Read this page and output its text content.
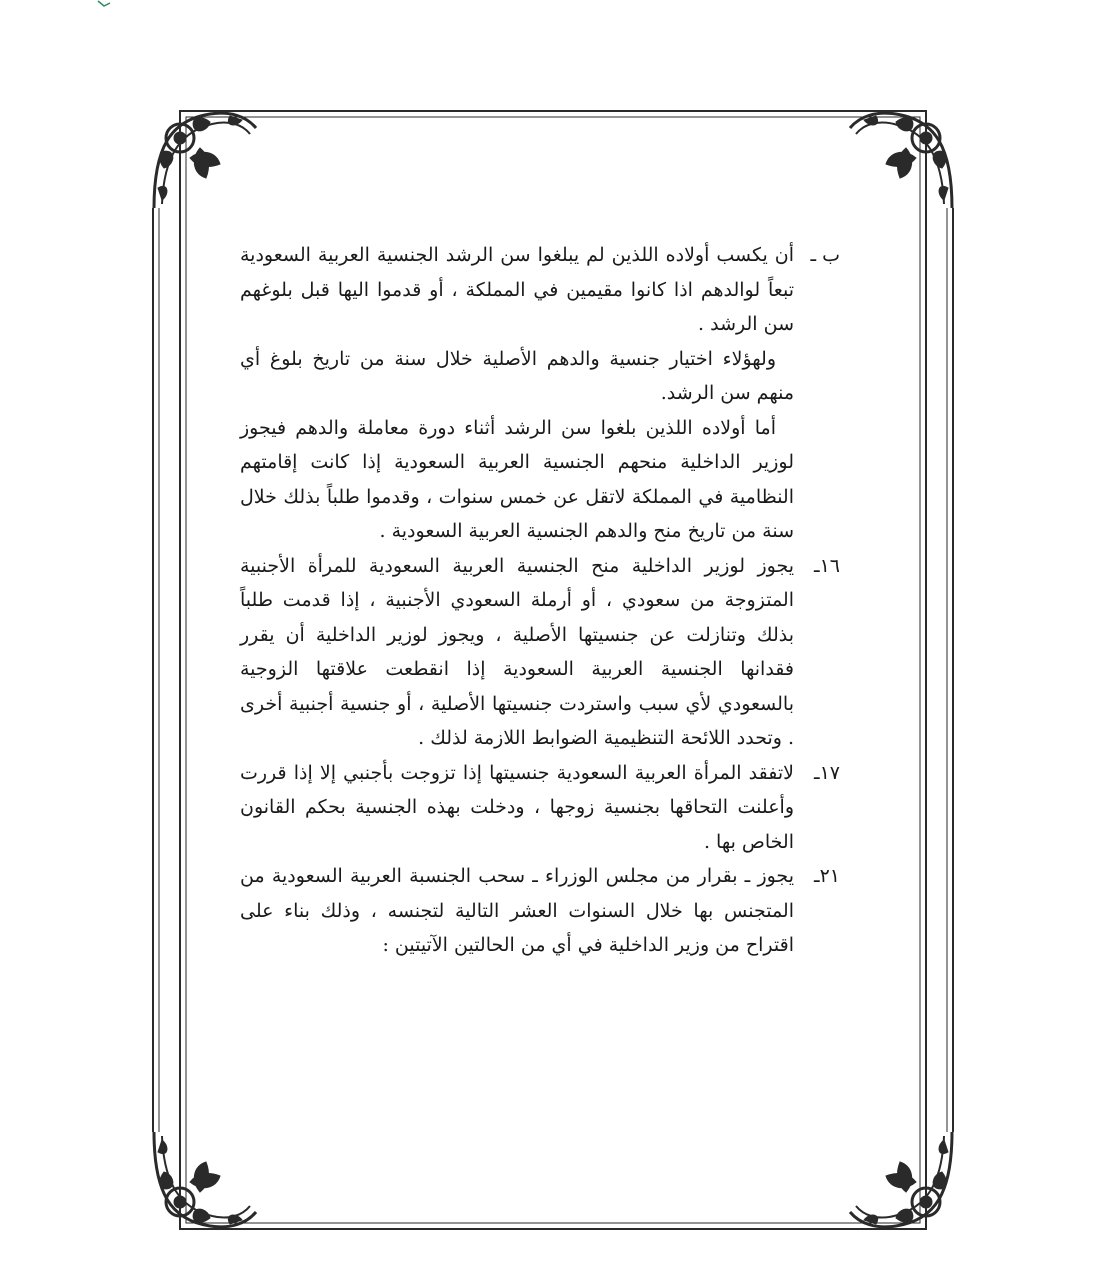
ب ـ

أن يكسب أولاده اللذين لم يبلغوا سن الرشد الجنسية العربية السعودية تبعاً لوالدهم اذا كانوا مقيمين في المملكة ، أو قدموا اليها قبل بلوغهم سن الرشد .

ولهؤلاء اختيار جنسية والدهم الأصلية خلال سنة من تاريخ بلوغ أي منهم سن الرشد.

أما أولاده اللذين بلغوا سن الرشد أثناء دورة معاملة والدهم فيجوز لوزير الداخلية منحهم الجنسية العربية السعودية إذا كانت إقامتهم النظامية في المملكة لاتقل عن خمس سنوات ، وقدموا طلباً بذلك خلال سنة من تاريخ منح والدهم الجنسية العربية السعودية .

١٦ـ

يجوز لوزير الداخلية منح الجنسية العربية السعودية للمرأة الأجنبية المتزوجة من سعودي ، أو أرملة السعودي الأجنبية ، إذا قدمت طلباً بذلك وتنازلت عن جنسيتها الأصلية ، ويجوز لوزير الداخلية أن يقرر فقدانها الجنسية العربية السعودية إذا انقطعت علاقتها الزوجية بالسعودي لأي سبب واستردت جنسيتها الأصلية ، أو جنسية أجنبية أخرى . وتحدد اللائحة التنظيمية الضوابط اللازمة لذلك .

١٧ـ

لاتفقد المرأة العربية السعودية جنسيتها إذا تزوجت بأجنبي إلا إذا قررت وأعلنت التحاقها بجنسية زوجها ، ودخلت بهذه الجنسية بحكم القانون الخاص بها .

٢١ـ

يجوز ـ بقرار من مجلس الوزراء ـ سحب الجنسبة العربية السعودية من المتجنس بها خلال السنوات العشر التالية لتجنسه ، وذلك بناء على اقتراح من وزير الداخلية في أي من الحالتين الآتيتين :
